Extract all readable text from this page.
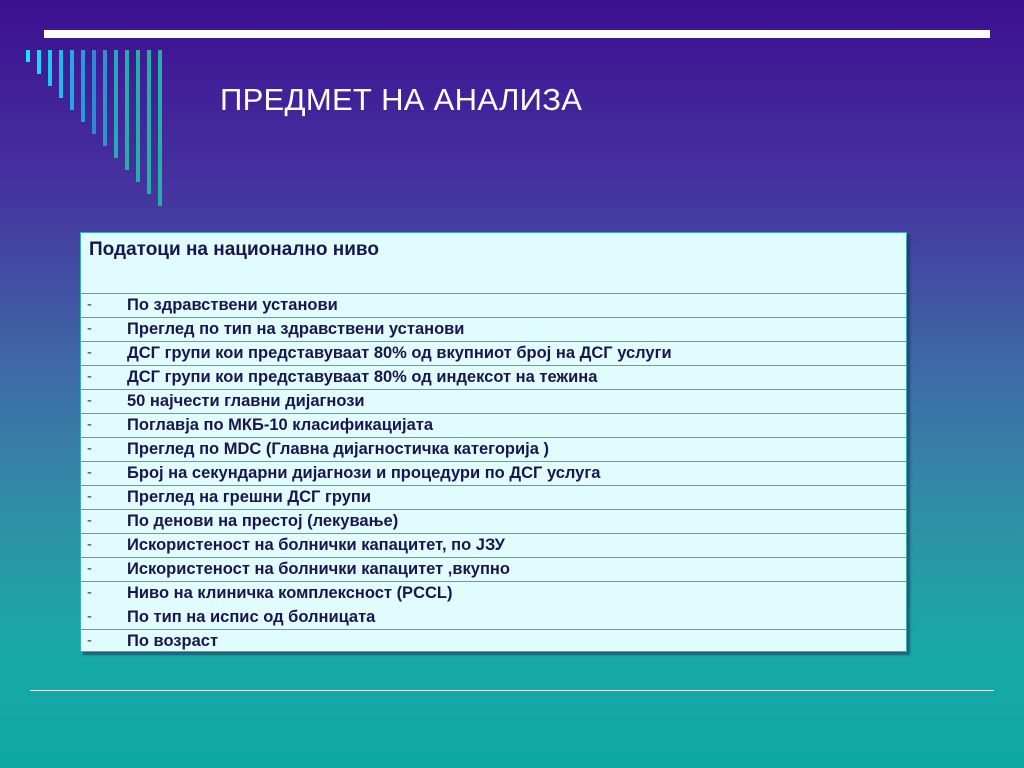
ПРЕДМЕТ НА АНАЛИЗА
Податоци на национално ниво
- По здравствени установи
- Преглед по тип на здравствени установи
- ДСГ групи кои представуваат 80% од вкупниот број на ДСГ услуги
- ДСГ групи кои представуваат 80% од индексот на тежина
- 50 најчести главни дијагнози
- Поглавја по МКБ-10 класификацијата
- Преглед по MDC (Главна дијагностичка категорија )
- Број на секундарни дијагнози и процедури по ДСГ услуга
- Преглед на грешни ДСГ групи
- По денови на престој (лекување)
- Искористеност на болнички капацитет, по ЈЗУ
- Искористеност на болнички капацитет ,вкупно
- Ниво на клиничка комплексност (PCCL)
- По тип на испис од болницата
- По возраст
